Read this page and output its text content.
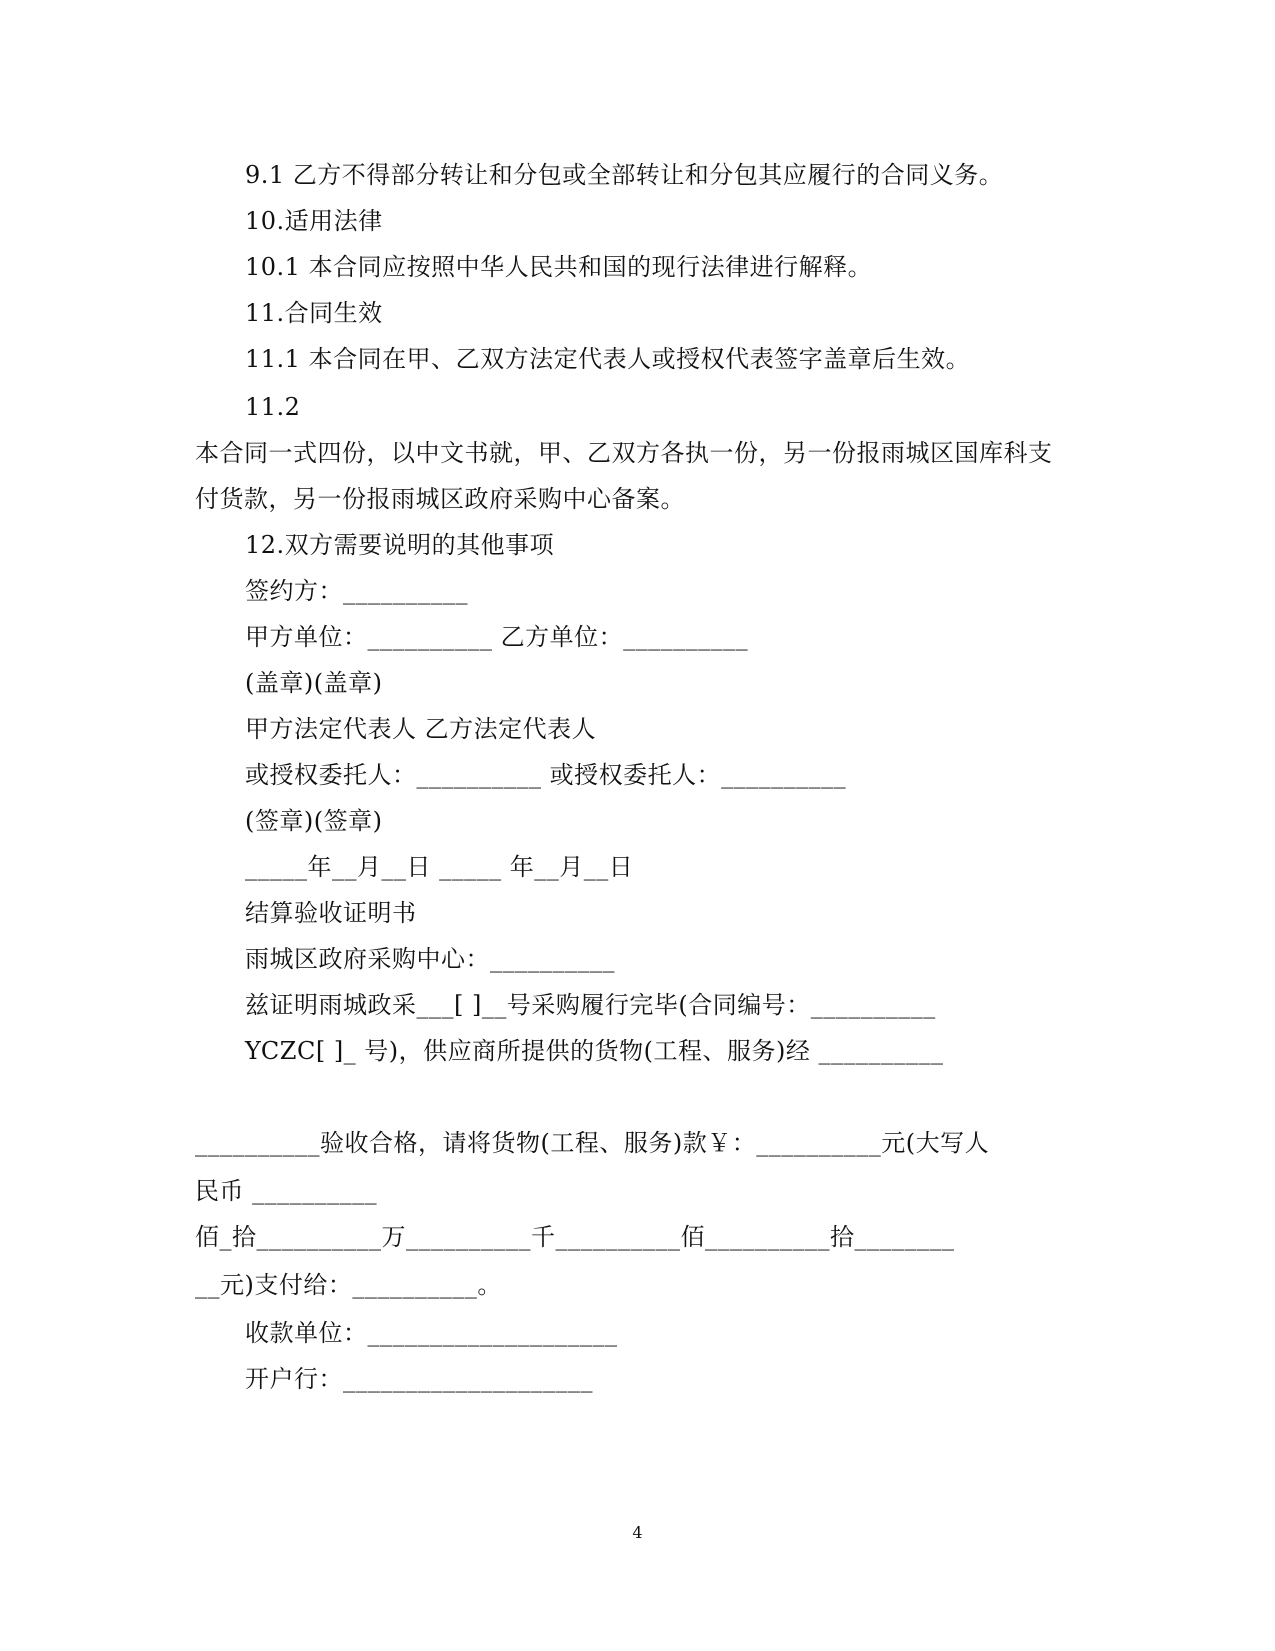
9.1 乙方不得部分转让和分包或全部转让和分包其应履行的合同义务。
10.适用法律
10.1 本合同应按照中华人民共和国的现行法律进行解释。
11.合同生效
11.1 本合同在甲、乙双方法定代表人或授权代表签字盖章后生效。
11.2
本合同一式四份，以中文书就，甲、乙双方各执一份，另一份报雨城区国库科支
付货款，另一份报雨城区政府采购中心备案。
12.双方需要说明的其他事项
签约方：__________
甲方单位：__________ 乙方单位：__________
(盖章)(盖章)
甲方法定代表人 乙方法定代表人
或授权委托人：__________ 或授权委托人：__________
(签章)(签章)
_____年__月__日 _____ 年__月__日
结算验收证明书
雨城区政府采购中心：__________
兹证明雨城政采___[ ]__号采购履行完毕(合同编号：__________
YCZC[ ]_ 号)，供应商所提供的货物(工程、服务)经 __________
__________验收合格，请将货物(工程、服务)款￥：__________元(大写人
民币 __________
佰_拾__________万__________千__________佰__________拾________
__元)支付给：__________。
收款单位：____________________
开户行：____________________
4
